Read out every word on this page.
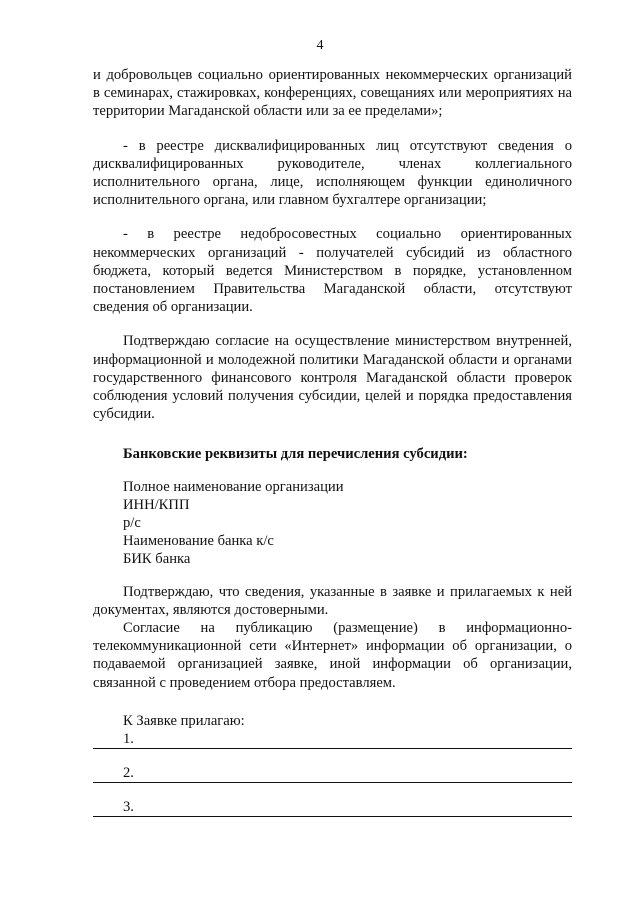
4

и добровольцев социально ориентированных некоммерческих организаций в семинарах, стажировках, конференциях, совещаниях или мероприятиях на территории Магаданской области или за ее пределами»;

- в реестре дисквалифицированных лиц отсутствуют сведения о дисквалифицированных руководителе, членах коллегиального исполнительного органа, лице, исполняющем функции единоличного исполнительного органа, или главном бухгалтере организации;

- в реестре недобросовестных социально ориентированных некоммерческих организаций - получателей субсидий из областного бюджета, который ведется Министерством в порядке, установленном постановлением Правительства Магаданской области, отсутствуют сведения об организации.

Подтверждаю согласие на осуществление министерством внутренней, информационной и молодежной политики Магаданской области и органами государственного финансового контроля Магаданской области проверок соблюдения условий получения субсидии, целей и порядка предоставления субсидии.

Банковские реквизиты для перечисления субсидии:

Полное наименование организации

ИНН/КПП

р/с

Наименование банка к/с

БИК банка

Подтверждаю, что сведения, указанные в заявке и прилагаемых к ней документах, являются достоверными.

Согласие на публикацию (размещение) в информационно-телекоммуникационной сети «Интернет» информации об организации, о подаваемой организацией заявке, иной информации об организации, связанной с проведением отбора предоставляем.

К Заявке прилагаю:

1.
2.
3.
